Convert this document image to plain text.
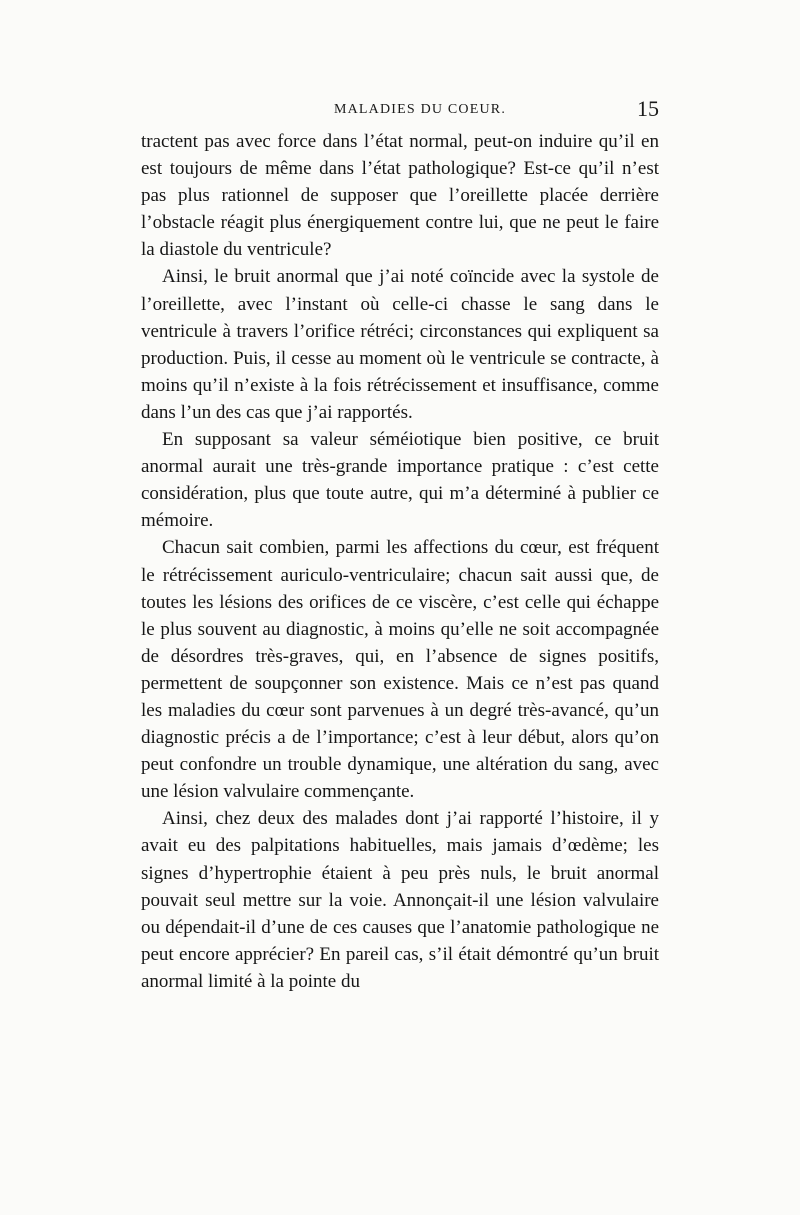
MALADIES DU COEUR.	15

tractent pas avec force dans l’état normal, peut-on induire qu’il en est toujours de même dans l’état pathologique? Est-ce qu’il n’est pas plus rationnel de supposer que l’oreillette placée derrière l’obstacle réagit plus énergiquement contre lui, que ne peut le faire la diastole du ventricule?

Ainsi, le bruit anormal que j’ai noté coïncide avec la systole de l’oreillette, avec l’instant où celle-ci chasse le sang dans le ventricule à travers l’orifice rétréci; circonstances qui expliquent sa production. Puis, il cesse au moment où le ventricule se contracte, à moins qu’il n’existe à la fois rétrécissement et insuffisance, comme dans l’un des cas que j’ai rapportés.

En supposant sa valeur séméiotique bien positive, ce bruit anormal aurait une très-grande importance pratique : c’est cette considération, plus que toute autre, qui m’a déterminé à publier ce mémoire.

Chacun sait combien, parmi les affections du cœur, est fréquent le rétrécissement auriculo-ventriculaire; chacun sait aussi que, de toutes les lésions des orifices de ce viscère, c’est celle qui échappe le plus souvent au diagnostic, à moins qu’elle ne soit accompagnée de désordres très-graves, qui, en l’absence de signes positifs, permettent de soupçonner son existence. Mais ce n’est pas quand les maladies du cœur sont parvenues à un degré très-avancé, qu’un diagnostic précis a de l’importance; c’est à leur début, alors qu’on peut confondre un trouble dynamique, une altération du sang, avec une lésion valvulaire commençante.

Ainsi, chez deux des malades dont j’ai rapporté l’histoire, il y avait eu des palpitations habituelles, mais jamais d’œdème; les signes d’hypertrophie étaient à peu près nuls, le bruit anormal pouvait seul mettre sur la voie. Annonçait-il une lésion valvulaire ou dépendait-il d’une de ces causes que l’anatomie pathologique ne peut encore apprécier? En pareil cas, s’il était démontré qu’un bruit anormal limité à la pointe du
